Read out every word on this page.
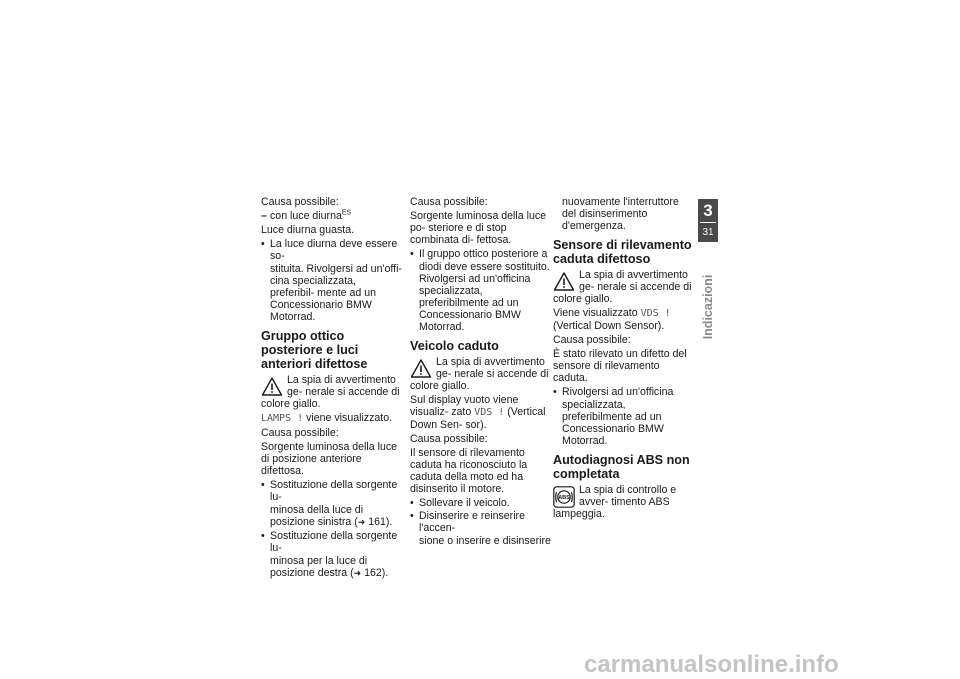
Causa possibile:

– con luce diurna$^{ES}$

Luce diurna guasta.

• La luce diurna deve essere so-

stituita. Rivolgersi ad un'offi- cina specializzata, preferibil- mente ad un Concessionario BMW Motorrad.

Gruppo ottico posteriore e luci anteriori difettose
La spia di avvertimento ge- nerale si accende di colore giallo.

LAMPS ! viene visualizzato.

Causa possibile:

Sorgente luminosa della luce di posizione anteriore difettosa.

• Sostituzione della sorgente lu-

minosa della luce di posizione sinistra (➜ 161).

• Sostituzione della sorgente lu-

minosa per la luce di posizione destra (➜ 162).

Causa possibile:

Sorgente luminosa della luce po- steriore e di stop combinata di- fettosa.

• Il gruppo ottico posteriore a

diodi deve essere sostituito. Rivolgersi ad un'officina specializzata, preferibilmente ad un Concessionario BMW Motorrad.

Veicolo caduto
La spia di avvertimento ge- nerale si accende di colore giallo.

Sul display vuoto viene visualiz- zato VDS ! (Vertical Down Sen- sor).

Causa possibile:

Il sensore di rilevamento caduta ha riconosciuto la caduta della moto ed ha disinserito il motore.

• Sollevare il veicolo.

• Disinserire e reinserire l'accen-

sione o inserire e disinserire

nuovamente l'interruttore del disinserimento d'emergenza.

Sensore di rilevamento caduta difettoso
La spia di avvertimento ge- nerale si accende di colore giallo.

Viene visualizzato VDS ! (Vertical Down Sensor).

Causa possibile:

È stato rilevato un difetto del sensore di rilevamento caduta.

• Rivolgersi ad un'officina

specializzata, preferibilmente ad un Concessionario BMW Motorrad.

Autodiagnosi ABS non completata
ABS
La spia di controllo e avver- timento ABS lampeggia.
3
31
Indicazioni
carmanualsonline.info
